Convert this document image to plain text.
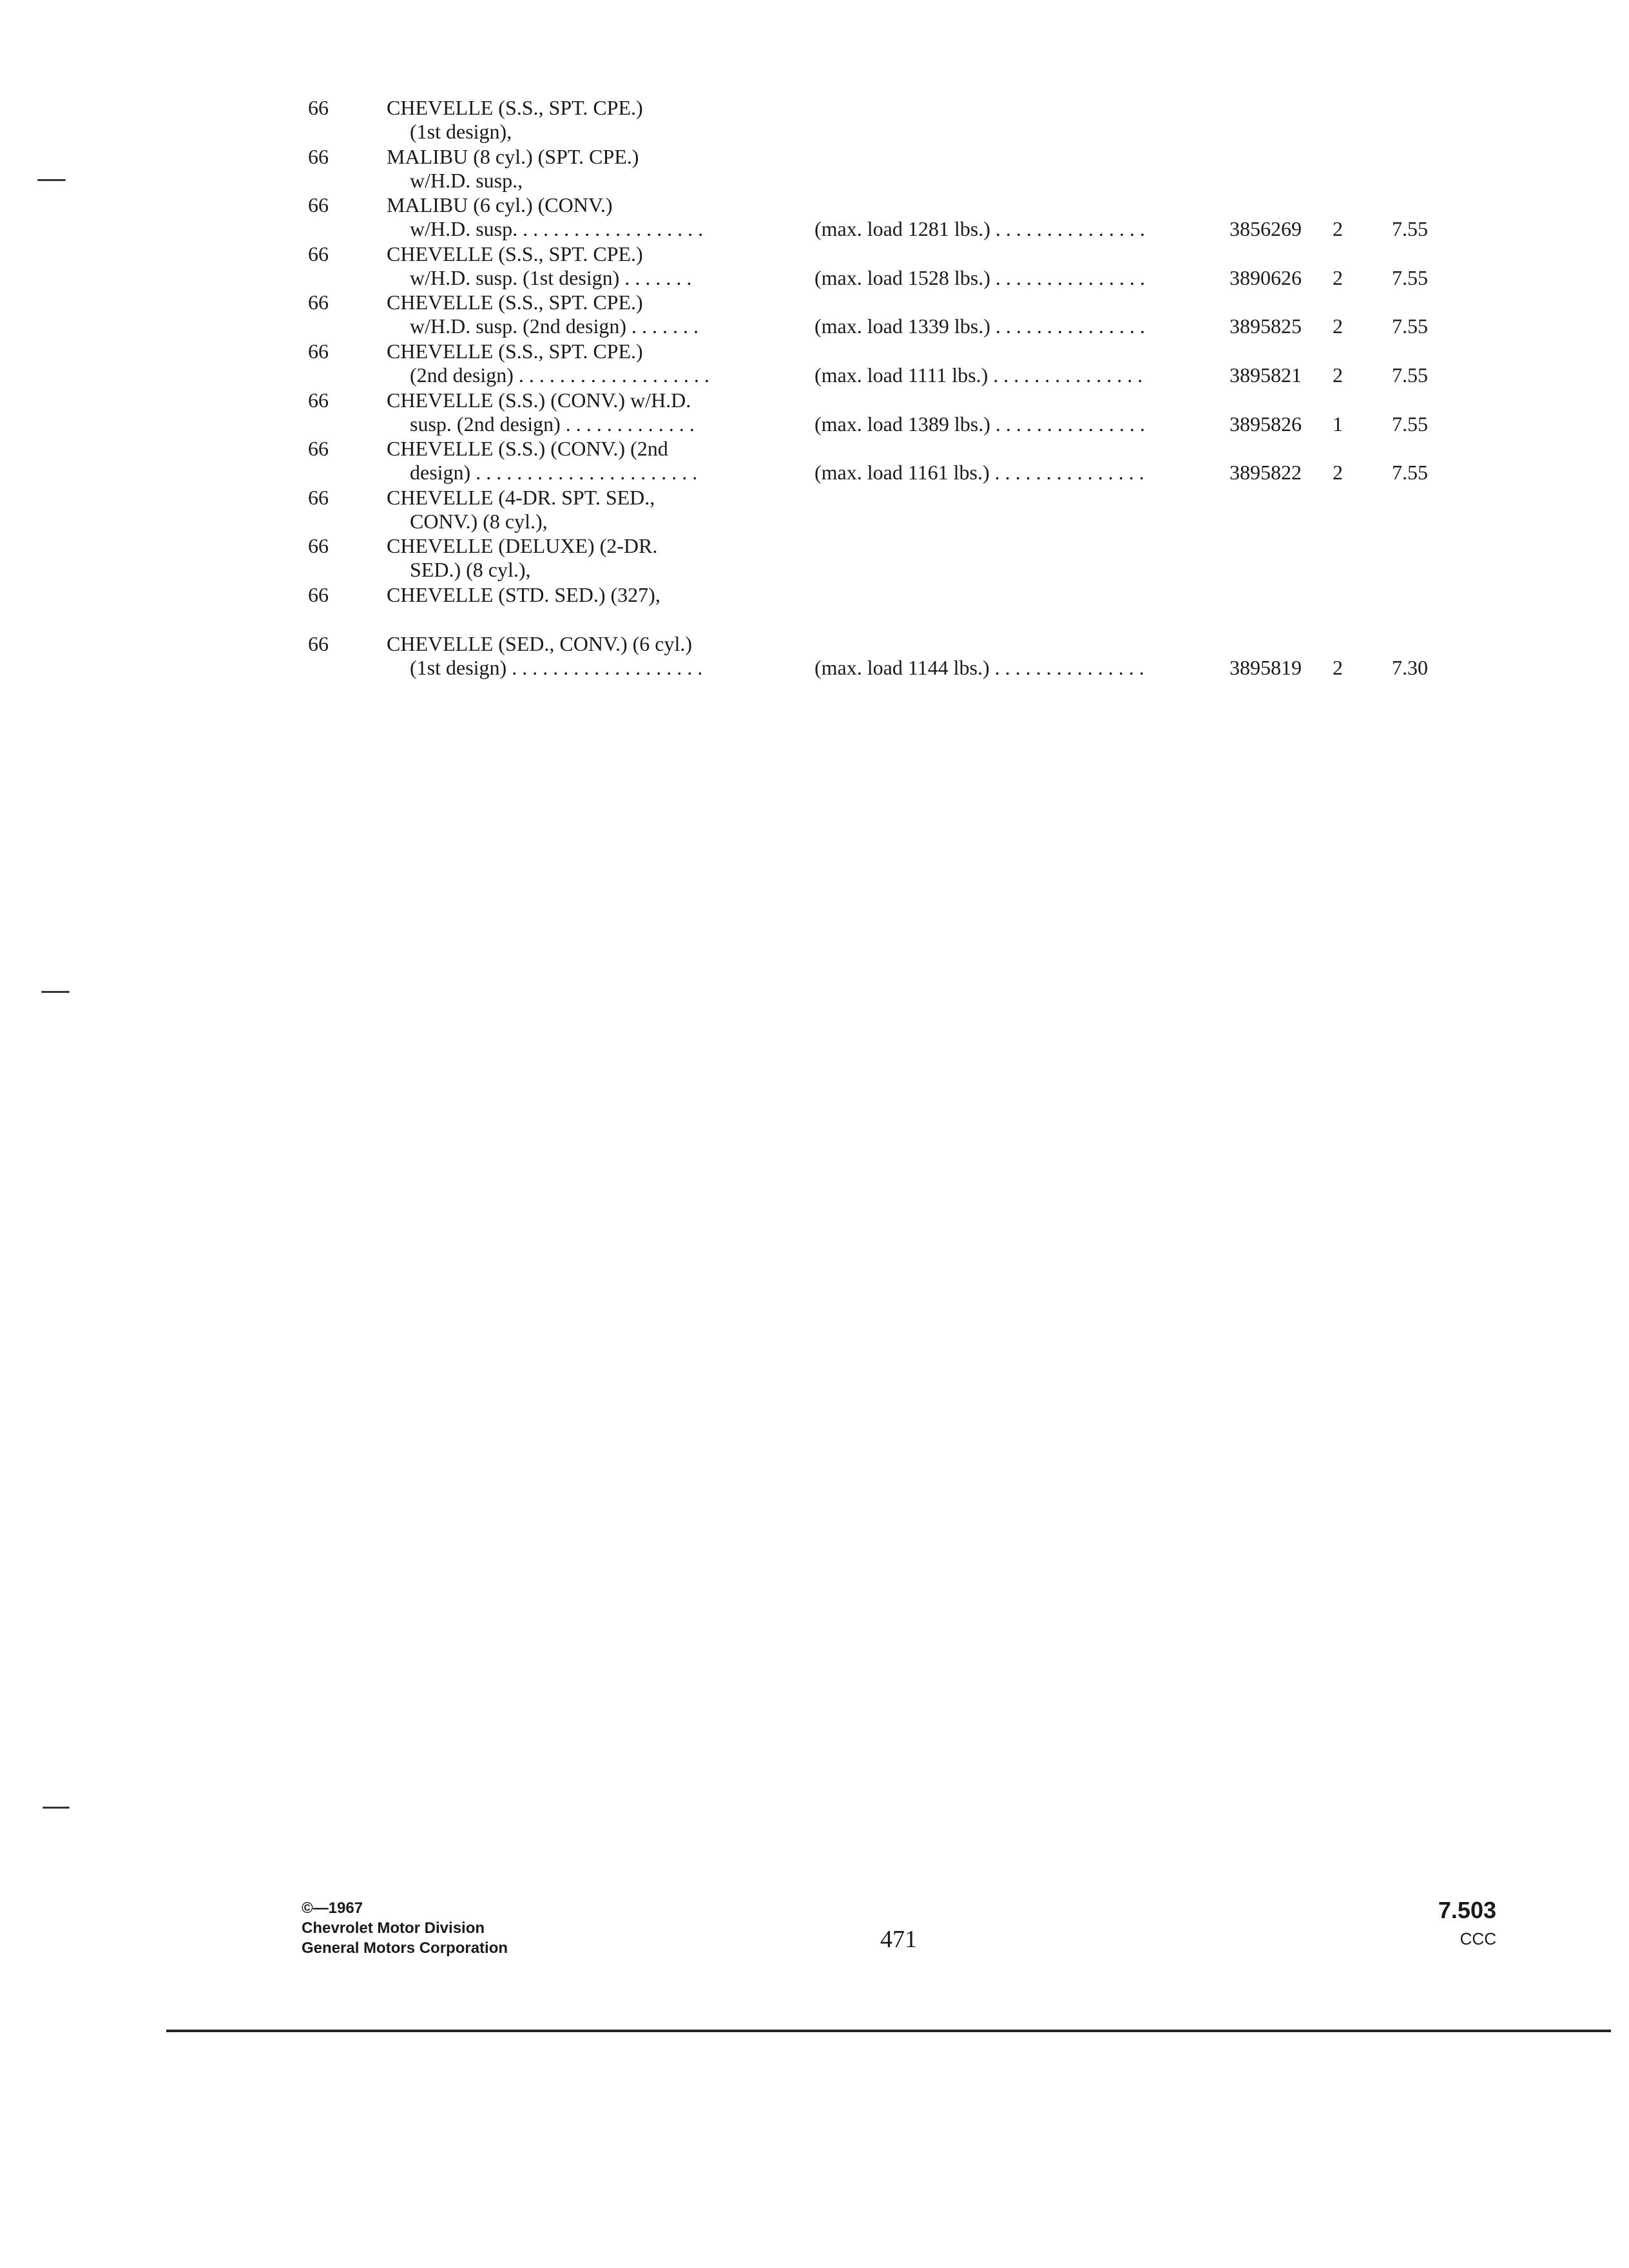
66	CHEVELLE (S.S., SPT. CPE.)
(1st design),
66	MALIBU (8 cyl.) (SPT. CPE.)
w/H.D. susp.,
66	MALIBU (6 cyl.) (CONV.)
w/H.D. susp. . . . . . . . . . . . . . . . . . .	(max. load 1281 lbs.) . . . . . . . . . . . . . . .	3856269 2 7.55
66	CHEVELLE (S.S., SPT. CPE.)
w/H.D. susp. (1st design) . . . . . . .	(max. load 1528 lbs.) . . . . . . . . . . . . . . .	3890626 2 7.55
66	CHEVELLE (S.S., SPT. CPE.)
w/H.D. susp. (2nd design) . . . . . . .	(max. load 1339 lbs.) . . . . . . . . . . . . . . .	3895825 2 7.55
66	CHEVELLE (S.S., SPT. CPE.)
(2nd design) . . . . . . . . . . . . . . . . . . .	(max. load 1111 lbs.) . . . . . . . . . . . . . . .	3895821 2 7.55
66	CHEVELLE (S.S.) (CONV.) w/H.D.
susp. (2nd design) . . . . . . . . . . . . .	(max. load 1389 lbs.) . . . . . . . . . . . . . . .	3895826 1 7.55
66	CHEVELLE (S.S.) (CONV.) (2nd
design) . . . . . . . . . . . . . . . . . . . . . .	(max. load 1161 lbs.) . . . . . . . . . . . . . . .	3895822 2 7.55
66	CHEVELLE (4-DR. SPT. SED.,
CONV.) (8 cyl.),
66	CHEVELLE (DELUXE) (2-DR.
SED.) (8 cyl.),
66	CHEVELLE (STD. SED.) (327),
66	CHEVELLE (SED., CONV.) (6 cyl.)
(1st design) . . . . . . . . . . . . . . . . . . .	(max. load 1144 lbs.) . . . . . . . . . . . . . . .	3895819 2 7.30
©—1967
Chevrolet Motor Division
General Motors Corporation	471
7.503
CCC
